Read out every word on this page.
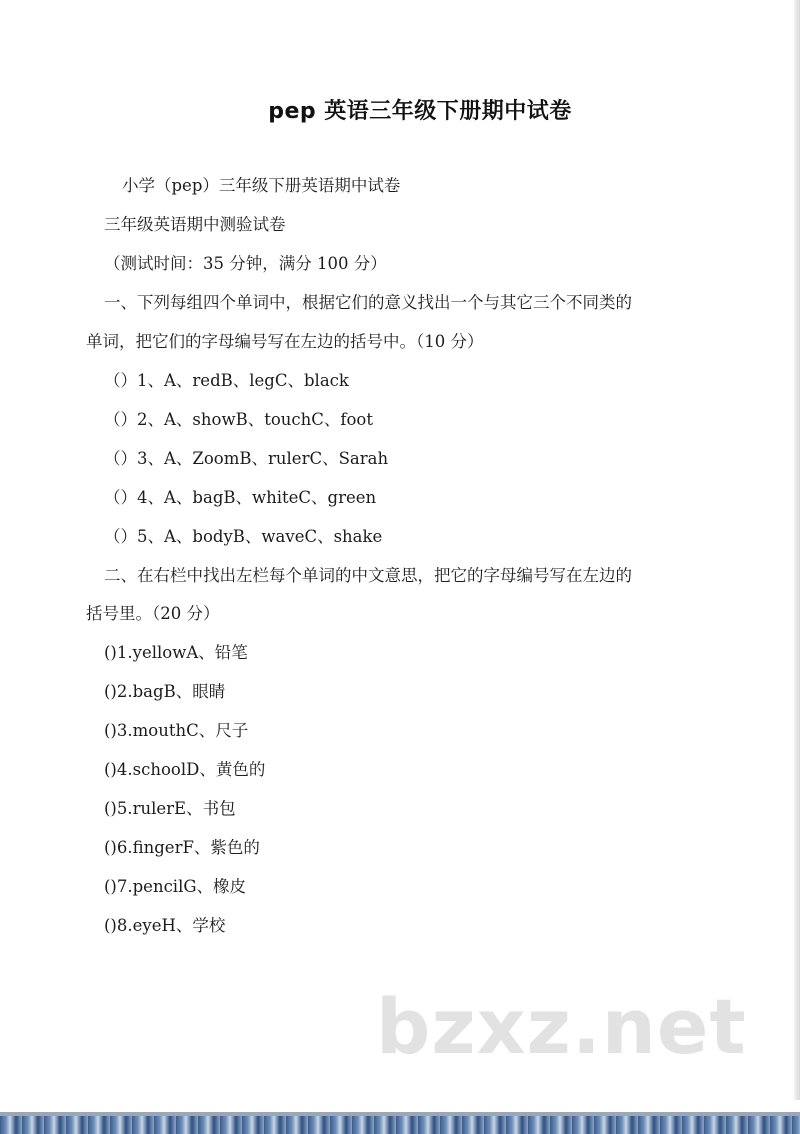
pep 英语三年级下册期中试卷
小学（pep）三年级下册英语期中试卷
三年级英语期中测验试卷
（测试时间：35 分钟，满分 100 分）
一、下列每组四个单词中，根据它们的意义找出一个与其它三个不同类的
单词，把它们的字母编号写在左边的括号中。（10 分）
（）1、A、redB、legC、black
（）2、A、showB、touchC、foot
（）3、A、ZoomB、rulerC、Sarah
（）4、A、bagB、whiteC、green
（）5、A、bodyB、waveC、shake
二、在右栏中找出左栏每个单词的中文意思，把它的字母编号写在左边的
括号里。（20 分）
()1.yellowA、铅笔
()2.bagB、眼睛
()3.mouthC、尺子
()4.schoolD、黄色的
()5.rulerE、书包
()6.fingerF、紫色的
()7.pencilG、橡皮
()8.eyeH、学校
bzxz.net
